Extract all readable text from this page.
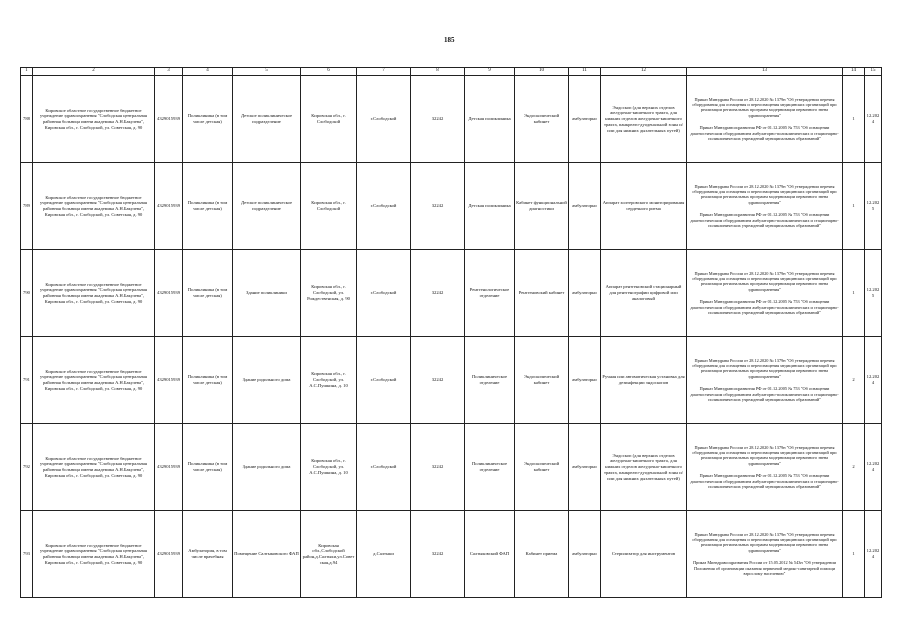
185
1	2	3	4	5	6	7	8	9	10	11	12	13	14	15
788	Кировское областное государственное бюджетное учреждение здравоохранения "Слободская центральная районная больница имени академика А.Н.Бакулева", Кировская обл., г. Слободской, ул. Советская, д. 90	4329015939	Поликлиника (в том числе детская)	Детское поликлиническое подразделение	Кировская обл., г. Слободской	г.Слободской	32242	Детская поликлиника	Эндоскопический кабинет	амбулаторно	Эндоскоп (для верхних отделов желудочно-кишечного тракта, для нижних отделов желудочно-кишечного тракта, панкреато-дуоденальной зоны и/или для нижних дыхательных путей)	Приказ Минздрава России от 28.12.2020 № 1379н "Об утверждении перечня оборудования для оснащения и переоснащения медицинских организаций при реализации региональных программ модернизации первичного звена здравоохранения"

Приказ Минздравсоцразвития РФ от 01.12.2005 № 753 "Об оснащении диагностическим оборудованием амбулаторно-поликлинических и стационарно-поликлинических учреждений муниципальных образований"	1	12.2024
789	Кировское областное государственное бюджетное учреждение здравоохранения "Слободская центральная районная больница имени академика А.Н.Бакулева", Кировская обл., г. Слободской, ул. Советская, д. 90	4329015939	Поликлиника (в том числе детская)	Детское поликлиническое подразделение	Кировская обл., г. Слободской	г.Слободской	32242	Детская поликлиника	Кабинет функциональной диагностики	амбулаторно	Аппарат холтеровского мониторирования сердечного ритма	Приказ Минздрава России от 28.12.2020 № 1379н "Об утверждении перечня оборудования для оснащения и переоснащения медицинских организаций при реализации региональных программ модернизации первичного звена здравоохранения"

Приказ Минздравсоцразвития РФ от 01.12.2005 № 753 "Об оснащении диагностическим оборудованием амбулаторно-поликлинических и стационарно-поликлинических учреждений муниципальных образований"	1	12.2025
790	Кировское областное государственное бюджетное учреждение здравоохранения "Слободская центральная районная больница имени академика А.Н.Бакулева", Кировская обл., г. Слободской, ул. Советская, д. 90	4329015939	Поликлиника (в том числе детская)	Здание поликлиники	Кировская обл., г. Слободской, ул. Рождественская, д. 90	г.Слободской	32242	Рентгенологическое отделение	Рентгеновский кабинет	амбулаторно	Аппарат рентгеновский стационарный для рентгенографии цифровой или аналоговый	Приказ Минздрава России от 28.12.2020 № 1379н "Об утверждении перечня оборудования для оснащения и переоснащения медицинских организаций при реализации региональных программ модернизации первичного звена здравоохранения"

Приказ Минздравсоцразвития РФ от 01.12.2005 № 753 "Об оснащении диагностическим оборудованием амбулаторно-поликлинических и стационарно-поликлинических учреждений муниципальных образований"	1	12.2025
791	Кировское областное государственное бюджетное учреждение здравоохранения "Слободская центральная районная больница имени академика А.Н.Бакулева", Кировская обл., г. Слободской, ул. Советская, д. 90	4329015939	Поликлиника (в том числе детская)	Здание родильного дома	Кировская обл., г. Слободской, ул. А.С.Пушкина, д. 10	г.Слободской	32242	Поликлиническое отделение	Эндоскопический кабинет	амбулаторно	Ручная или автоматическая установка для дезинфекции эндоскопов	Приказ Минздрава России от 28.12.2020 № 1379н "Об утверждении перечня оборудования для оснащения и переоснащения медицинских организаций при реализации региональных программ модернизации первичного звена здравоохранения"

Приказ Минздравсоцразвития РФ от 01.12.2005 № 753 "Об оснащении диагностическим оборудованием амбулаторно-поликлинических и стационарно-поликлинических учреждений муниципальных образований"	2	12.2024
792	Кировское областное государственное бюджетное учреждение здравоохранения "Слободская центральная районная больница имени академика А.Н.Бакулева", Кировская обл., г. Слободской, ул. Советская, д. 90	4329015939	Поликлиника (в том числе детская)	Здание родильного дома	Кировская обл., г. Слободской, ул. А.С.Пушкина, д. 10	г.Слободской	32242	Поликлиническое отделение	Эндоскопический кабинет	амбулаторно	Эндоскоп (для верхних отделов желудочно-кишечного тракта, для нижних отделов желудочно-кишечного тракта, панкреато-дуоденальной зоны и/или для нижних дыхательных путей)	Приказ Минздрава России от 28.12.2020 № 1379н "Об утверждении перечня оборудования для оснащения и переоснащения медицинских организаций при реализации региональных программ модернизации первичного звена здравоохранения"

Приказ Минздравсоцразвития РФ от 01.12.2005 № 753 "Об оснащении диагностическим оборудованием амбулаторно-поликлинических и стационарно-поликлинических учреждений муниципальных образований"	2	12.2024
793	Кировское областное государственное бюджетное учреждение здравоохранения "Слободская центральная районная больница имени академика А.Н.Бакулева", Кировская обл., г. Слободской, ул. Советская, д. 90	4329015939	Амбулатория, в том числе врачебная	Помещение Салтыковского ФАП	Кировская обл.,Слободской район,д.Салтыки,ул.Советская,д.94	д.Салтыки	32242	Салтыковский ФАП	Кабинет приема	амбулаторно	Стерилизатор для инструментов	Приказ Минздрава России от 28.12.2020 № 1379н "Об утверждении перечня оборудования для оснащения и переоснащения медицинских организаций при реализации региональных программ модернизации первичного звена здравоохранения"

Приказ Минздравсоцразвития России от 15.05.2012 № 543н "Об утверждении Положения об организации оказания первичной медико-санитарной помощи взрослому населению"	1	12.2024
